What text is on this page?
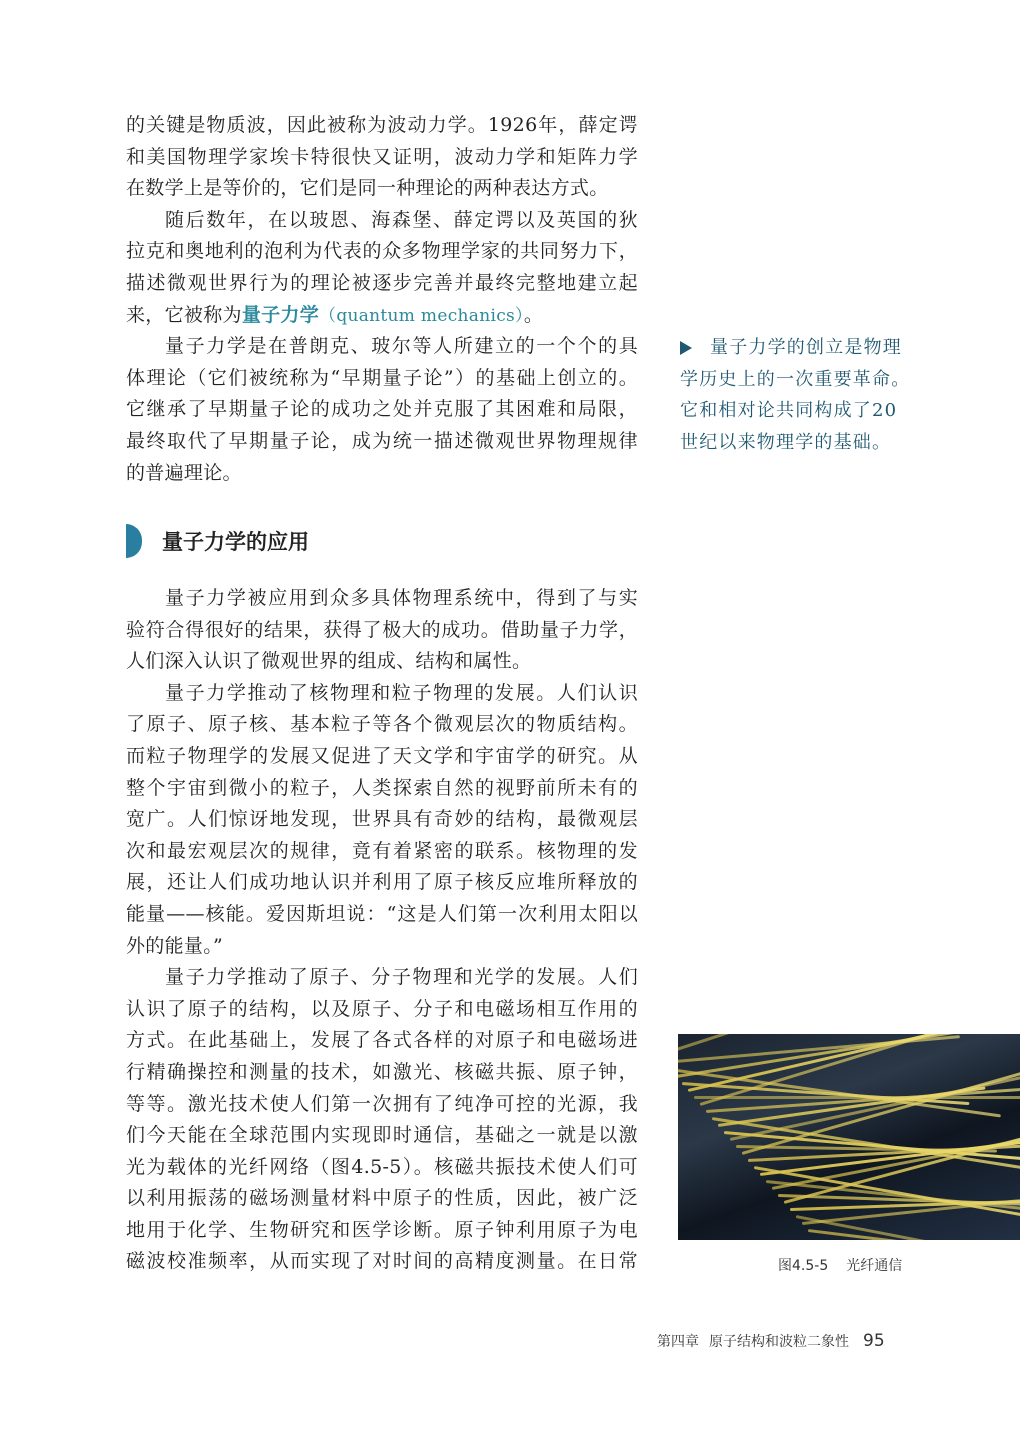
的关键是物质波，因此被称为波动力学。1926年，薛定谔
和美国物理学家埃卡特很快又证明，波动力学和矩阵力学
在数学上是等价的，它们是同一种理论的两种表达方式。
随后数年，在以玻恩、海森堡、薛定谔以及英国的狄
拉克和奥地利的泡利为代表的众多物理学家的共同努力下，
描述微观世界行为的理论被逐步完善并最终完整地建立起
来，它被称为量子力学（quantum mechanics）。
量子力学是在普朗克、玻尔等人所建立的一个个的具
体理论（它们被统称为“早期量子论”）的基础上创立的。
它继承了早期量子论的成功之处并克服了其困难和局限，
最终取代了早期量子论，成为统一描述微观世界物理规律
的普遍理论。
量子力学的创立是物理
学历史上的一次重要革命。
它和相对论共同构成了20
世纪以来物理学的基础。
量子力学的应用
量子力学被应用到众多具体物理系统中，得到了与实
验符合得很好的结果，获得了极大的成功。借助量子力学，
人们深入认识了微观世界的组成、结构和属性。
量子力学推动了核物理和粒子物理的发展。人们认识
了原子、原子核、基本粒子等各个微观层次的物质结构。
而粒子物理学的发展又促进了天文学和宇宙学的研究。从
整个宇宙到微小的粒子，人类探索自然的视野前所未有的
宽广。人们惊讶地发现，世界具有奇妙的结构，最微观层
次和最宏观层次的规律，竟有着紧密的联系。核物理的发
展，还让人们成功地认识并利用了原子核反应堆所释放的
能量——核能。爱因斯坦说：“这是人们第一次利用太阳以
外的能量。”
量子力学推动了原子、分子物理和光学的发展。人们
认识了原子的结构，以及原子、分子和电磁场相互作用的
方式。在此基础上，发展了各式各样的对原子和电磁场进
行精确操控和测量的技术，如激光、核磁共振、原子钟，
等等。激光技术使人们第一次拥有了纯净可控的光源，我
们今天能在全球范围内实现即时通信，基础之一就是以激
光为载体的光纤网络（图4.5-5）。核磁共振技术使人们可
以利用振荡的磁场测量材料中原子的性质，因此，被广泛
地用于化学、生物研究和医学诊断。原子钟利用原子为电
磁波校准频率，从而实现了对时间的高精度测量。在日常	图4.5-5 光纤通信
第四章 原子结构和波粒二象性 95
